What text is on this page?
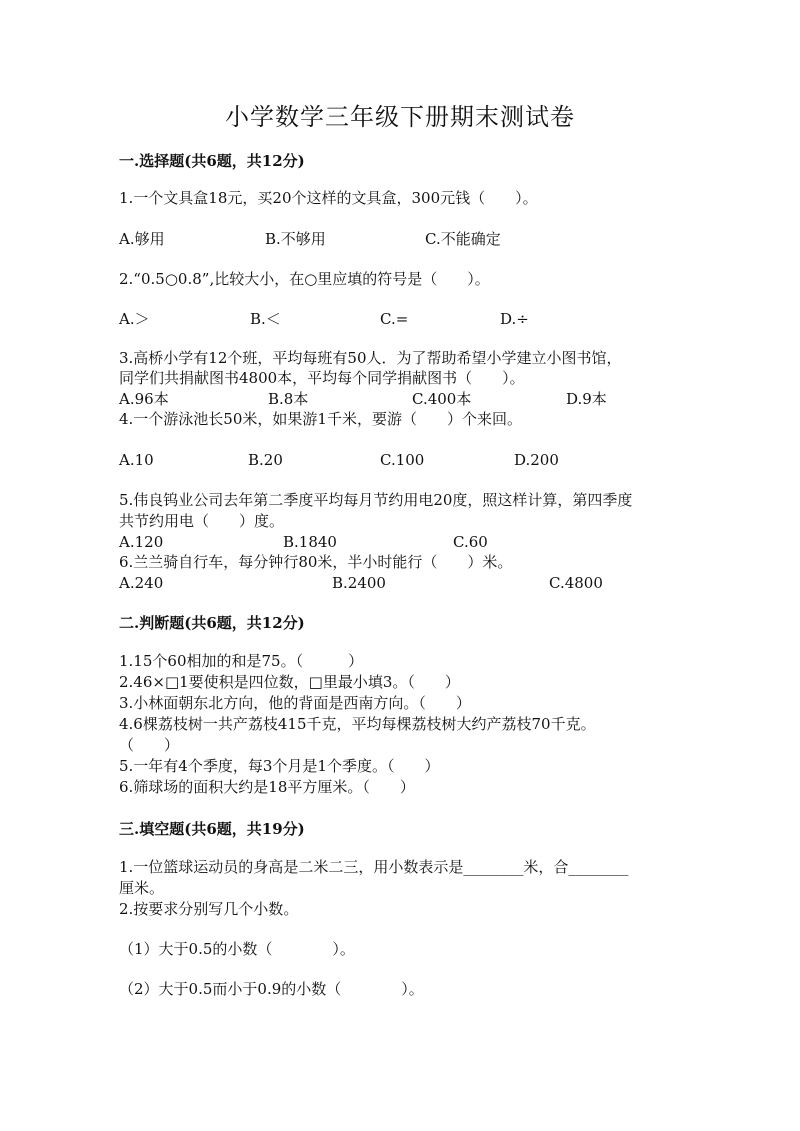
小学数学三年级下册期末测试卷
一.选择题(共6题，共12分)
1.一个文具盒18元，买20个这样的文具盒，300元钱（　　）。
A.够用	B.不够用	C.不能确定
2.“0.5○0.8”,比较大小，在○里应填的符号是（　　）。
A.＞	B.＜	C.=	D.÷
3.高桥小学有12个班，平均每班有50人．为了帮助希望小学建立小图书馆，
同学们共捐献图书4800本，平均每个同学捐献图书（　　）。
A.96本	B.8本	C.400本	D.9本
4.一个游泳池长50米，如果游1千米，要游（　　）个来回。
A.10	B.20	C.100	D.200
5.伟良钨业公司去年第二季度平均每月节约用电20度，照这样计算，第四季度
共节约用电（　　）度。
A.120	B.1840	C.60
6.兰兰骑自行车，每分钟行80米，半小时能行（　　）米。
A.240	B.2400	C.4800
二.判断题(共6题，共12分)
1.15个60相加的和是75。（　　　）
2.46×□1要使积是四位数，□里最小填3。（　　）
3.小林面朝东北方向，他的背面是西南方向。（　　）
4.6棵荔枝树一共产荔枝415千克，平均每棵荔枝树大约产荔枝70千克。
（　　）
5.一年有4个季度，每3个月是1个季度。（　　）
6.筛球场的面积大约是18平方厘米。（　　）
三.填空题(共6题，共19分)
1.一位篮球运动员的身高是二米二三，用小数表示是________米，合________
厘米。
2.按要求分别写几个小数。
（1）大于0.5的小数（　　　　）。
（2）大于0.5而小于0.9的小数（　　　　）。
